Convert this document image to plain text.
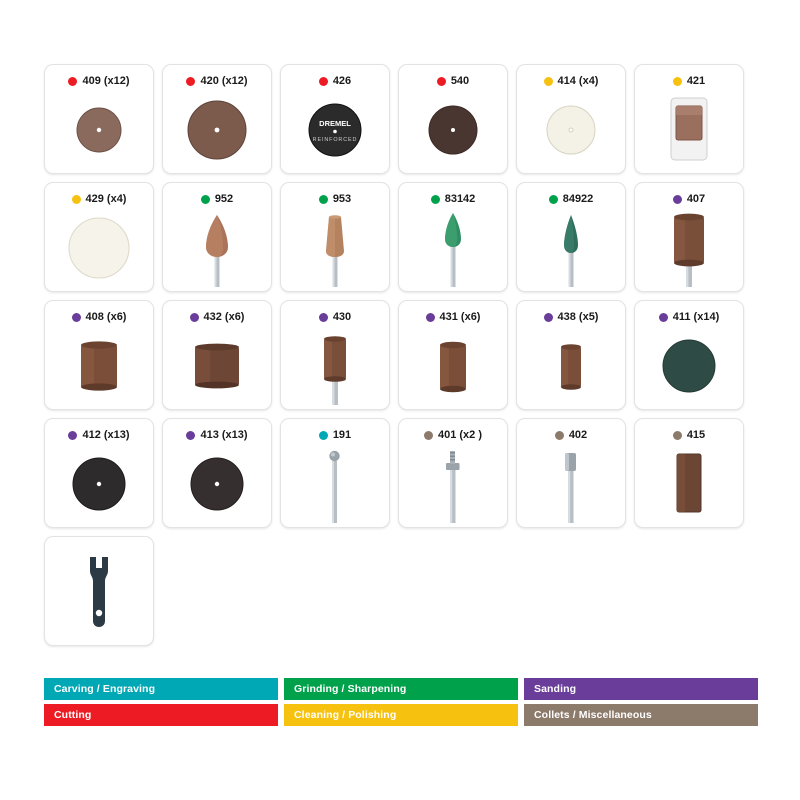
409 (x12)	420 (x12)	426
DREMEL
REINFORCED
540	414 (x4)	421
429 (x4)	952	953	83142	84922	407
408 (x6)	432 (x6)	430	431 (x6)	438 (x5)	411 (x14)
412 (x13)	413 (x13)	191	401 (x2 )	402	415
Carving / Engraving	Grinding / Sharpening	Sanding
Cutting	Cleaning / Polishing	Collets / Miscellaneous
